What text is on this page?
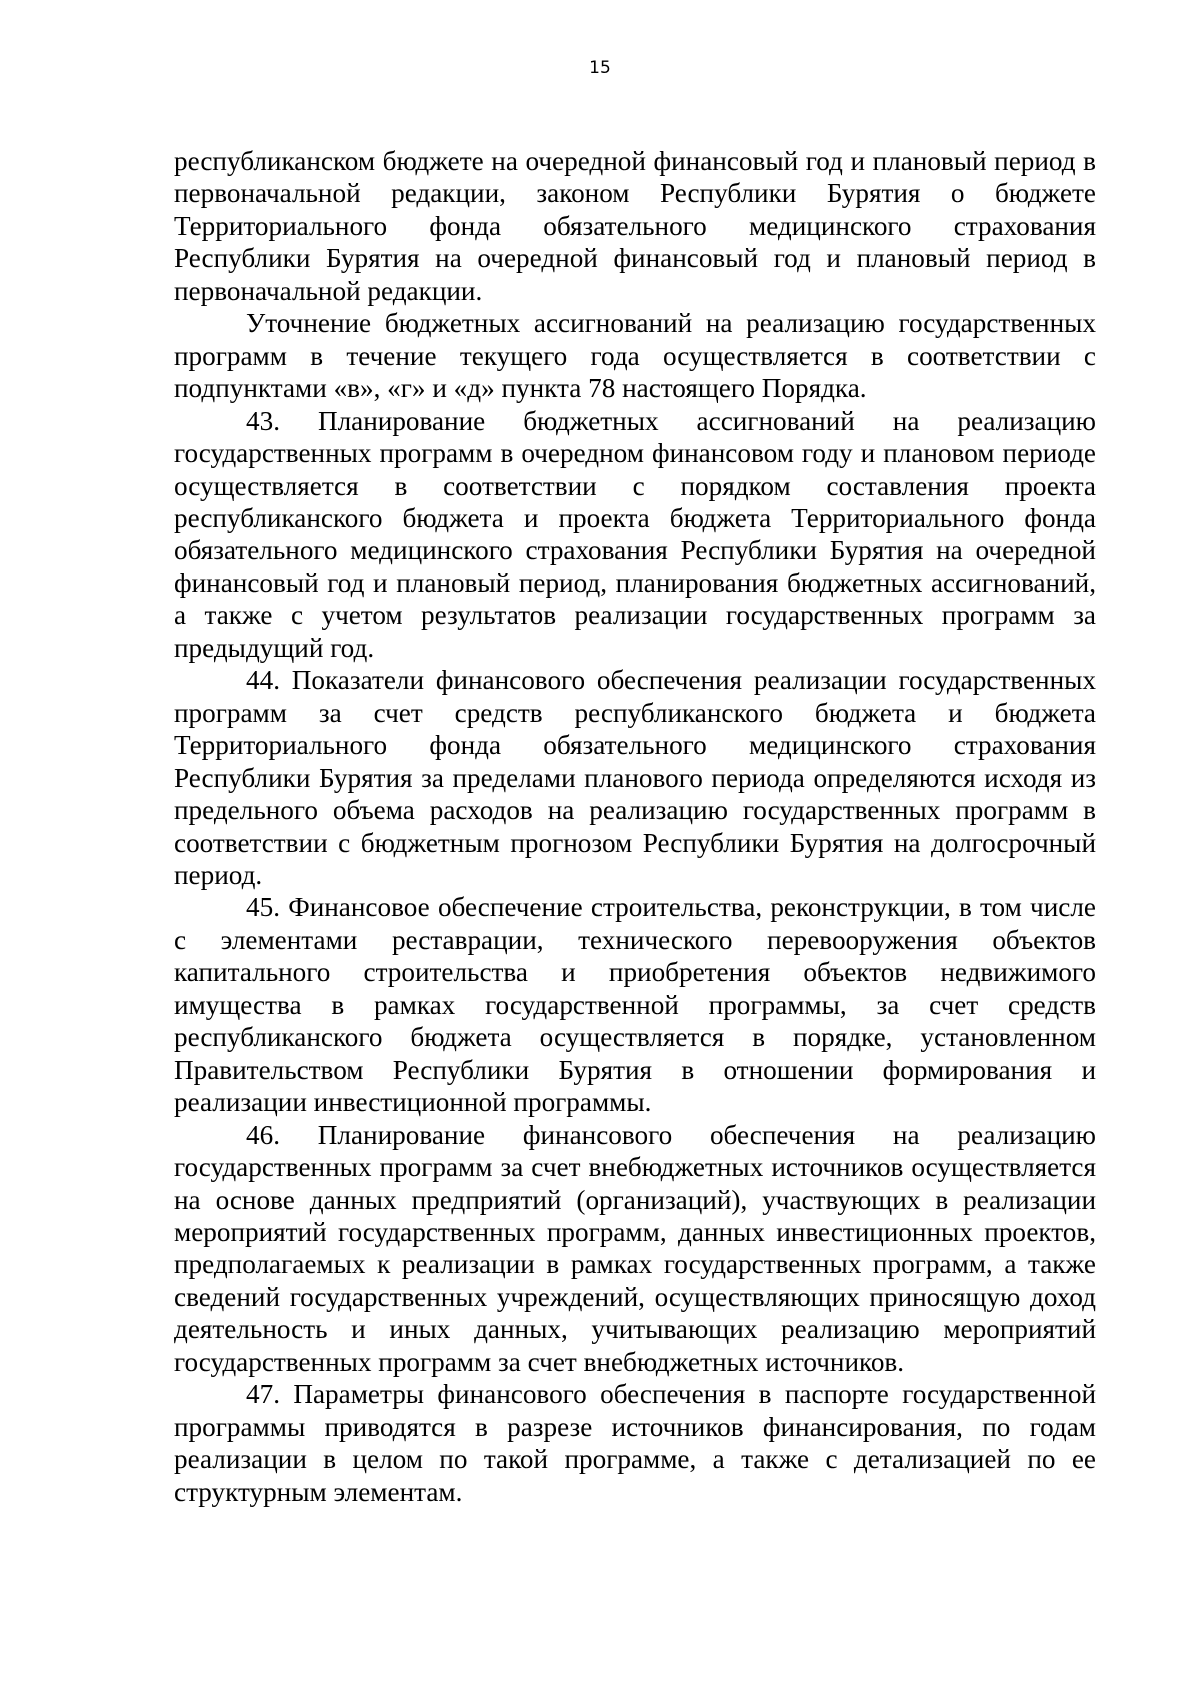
15

республиканском бюджете на очередной финансовый год и плановый период в первоначальной редакции, законом Республики Бурятия о бюджете Территориального фонда обязательного медицинского страхования Республики Бурятия на очередной финансовый год и плановый период в первоначальной редакции.

Уточнение бюджетных ассигнований на реализацию государственных программ в течение текущего года осуществляется в соответствии с подпунктами «в», «г» и «д» пункта 78 настоящего Порядка.

43. Планирование бюджетных ассигнований на реализацию государственных программ в очередном финансовом году и плановом периоде осуществляется в соответствии с порядком составления проекта республиканского бюджета и проекта бюджета Территориального фонда обязательного медицинского страхования Республики Бурятия на очередной финансовый год и плановый период, планирования бюджетных ассигнований, а также с учетом результатов реализации государственных программ за предыдущий год.

44. Показатели финансового обеспечения реализации государственных программ за счет средств республиканского бюджета и бюджета Территориального фонда обязательного медицинского страхования Республики Бурятия за пределами планового периода определяются исходя из предельного объема расходов на реализацию государственных программ в соответствии с бюджетным прогнозом Республики Бурятия на долгосрочный период.

45. Финансовое обеспечение строительства, реконструкции, в том числе с элементами реставрации, технического перевооружения объектов капитального строительства и приобретения объектов недвижимого имущества в рамках государственной программы, за счет средств республиканского бюджета осуществляется в порядке, установленном Правительством Республики Бурятия в отношении формирования и реализации инвестиционной программы.

46. Планирование финансового обеспечения на реализацию государственных программ за счет внебюджетных источников осуществляется на основе данных предприятий (организаций), участвующих в реализации мероприятий государственных программ, данных инвестиционных проектов, предполагаемых к реализации в рамках государственных программ, а также сведений государственных учреждений, осуществляющих приносящую доход деятельность и иных данных, учитывающих реализацию мероприятий государственных программ за счет внебюджетных источников.

47. Параметры финансового обеспечения в паспорте государственной программы приводятся в разрезе источников финансирования, по годам реализации в целом по такой программе, а также с детализацией по ее структурным элементам.
